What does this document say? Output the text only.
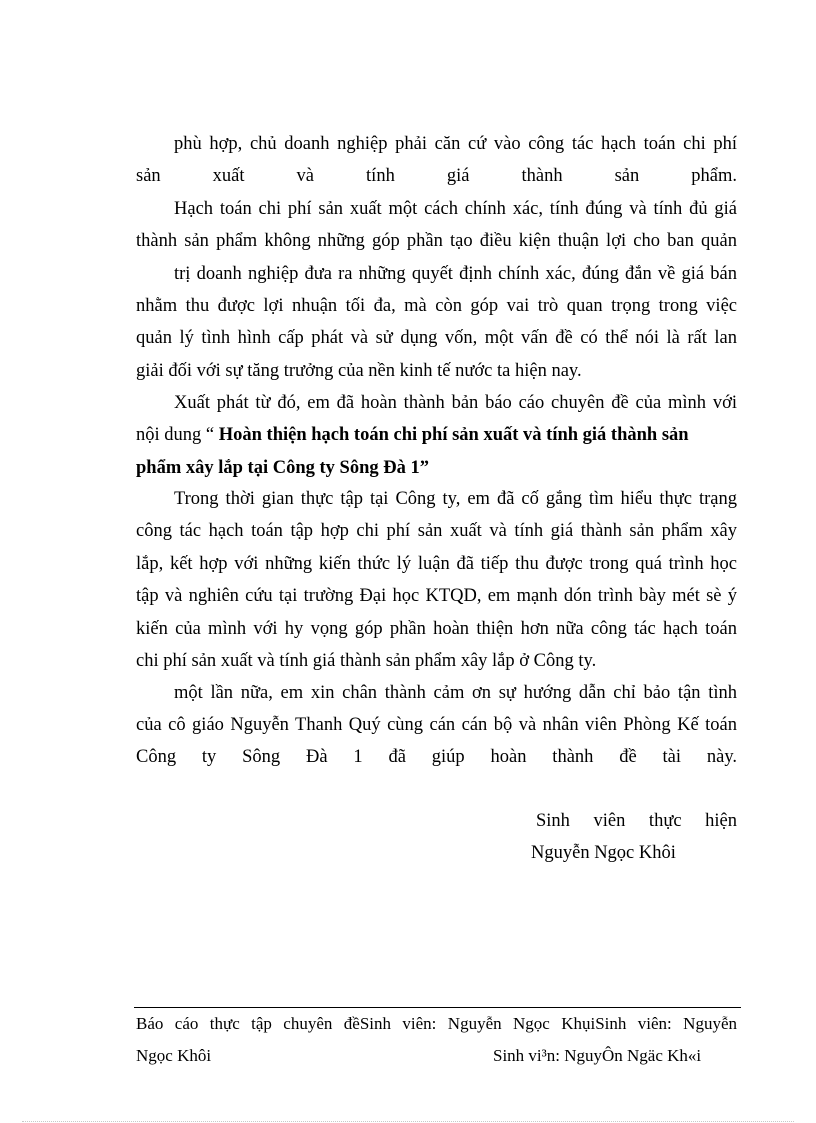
phù hợp, chủ doanh nghiệp phải căn cứ vào công tác hạch toán chi phí
sản xuất và tính giá thành sản phẩm.
Hạch toán chi phí sản xuất một cách chính xác, tính đúng và tính đủ giá
thành sản phẩm không những góp phần tạo điều kiện thuận lợi cho ban quản
trị doanh nghiệp đưa ra những quyết định chính xác, đúng đắn về giá bán
nhằm thu được lợi nhuận tối đa, mà còn góp vai trò quan trọng trong việc
quản lý tình hình cấp phát và sử dụng vốn, một vấn đề có thể nói là rất lan
giải đối với sự tăng trưởng của nền kinh tế nước ta hiện nay.
Xuất phát từ đó, em đã hoàn thành bản báo cáo chuyên đề của mình với
nội dung “ Hoàn thiện hạch toán chi phí sản xuất và tính giá thành sản
phẩm xây lắp tại Công ty Sông Đà 1”
Trong thời gian thực tập tại Công ty, em đã cố gắng tìm hiểu thực trạng
công tác hạch toán tập hợp chi phí sản xuất và tính giá thành sản phẩm xây
lắp, kết hợp với những kiến thức lý luận đã tiếp thu được trong quá trình học
tập và nghiên cứu tại trường Đại học KTQD, em mạnh dón trình bày mét sè ý
kiến của mình với hy vọng góp phần hoàn thiện hơn nữa công tác hạch toán
chi phí sản xuất và tính giá thành sản phẩm xây lắp ở Công ty.
một lần nữa, em xin chân thành cảm ơn sự hướng dẫn chỉ bảo tận tình
của cô giáo Nguyễn Thanh Quý cùng cán cán bộ và nhân viên Phòng Kế toán
Công ty Sông Đà 1 đã giúp hoàn thành đề tài này.
Sinh viên thực hiện
Nguyễn Ngọc Khôi
Báo cáo thực tập chuyên đềSinh viên: Nguyễn Ngọc KhụiSinh viên: Nguyễn
Ngọc Khôi	Sinh vi³n: NguyÔn Ngäc Kh«i
